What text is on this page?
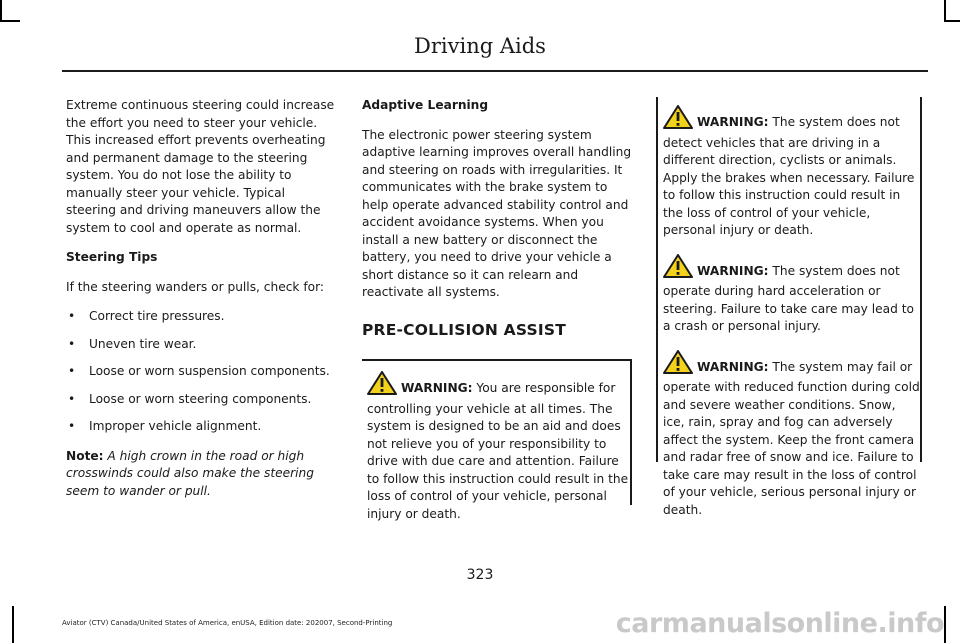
Driving Aids

Extreme continuous steering could increase the effort you need to steer your vehicle. This increased effort prevents overheating and permanent damage to the steering system. You do not lose the ability to manually steer your vehicle. Typical steering and driving maneuvers allow the system to cool and operate as normal.

Steering Tips

If the steering wanders or pulls, check for:

• Correct tire pressures.
• Uneven tire wear.
• Loose or worn suspension components.
• Loose or worn steering components.
• Improper vehicle alignment.

Note: A high crown in the road or high crosswinds could also make the steering seem to wander or pull.

Adaptive Learning

The electronic power steering system adaptive learning improves overall handling and steering on roads with irregularities. It communicates with the brake system to help operate advanced stability control and accident avoidance systems. When you install a new battery or disconnect the battery, you need to drive your vehicle a short distance so it can relearn and reactivate all systems.

PRE-COLLISION ASSIST
WARNING: You are responsible for controlling your vehicle at all times. The system is designed to be an aid and does not relieve you of your responsibility to drive with due care and attention. Failure to follow this instruction could result in the loss of control of your vehicle, personal injury or death.
WARNING: The system does not detect vehicles that are driving in a different direction, cyclists or animals. Apply the brakes when necessary. Failure to follow this instruction could result in the loss of control of your vehicle, personal injury or death.
WARNING: The system does not operate during hard acceleration or steering. Failure to take care may lead to a crash or personal injury.
WARNING: The system may fail or operate with reduced function during cold and severe weather conditions. Snow, ice, rain, spray and fog can adversely affect the system. Keep the front camera and radar free of snow and ice. Failure to take care may result in the loss of control of your vehicle, serious personal injury or death.
323
Aviator (CTV) Canada/United States of America, enUSA, Edition date: 202007, Second-Printing	carmanualsonline.info
